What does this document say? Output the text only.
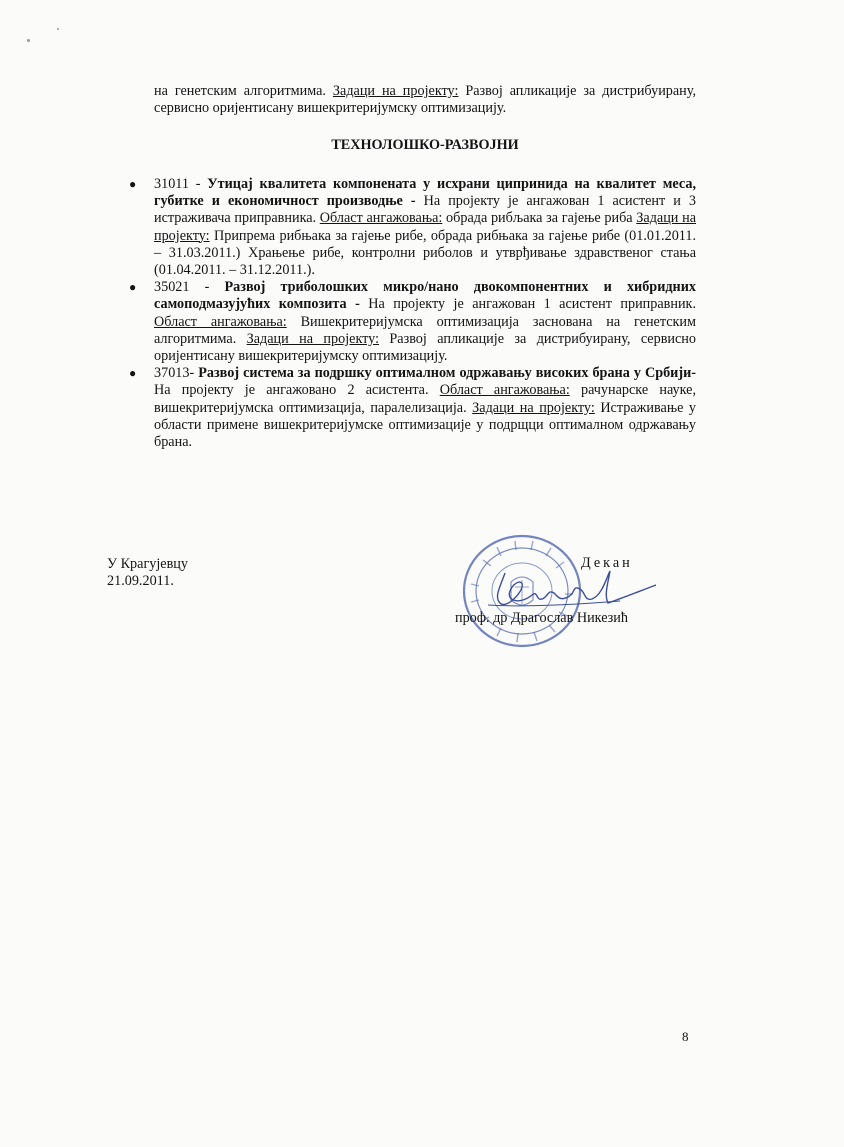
на генетским алгоритмима. Задаци на пројекту: Развој апликације за дистрибуирану, сервисно оријентисану вишекритеријумску оптимизацију.
ТЕХНОЛОШКО-РАЗВОЈНИ
● 31011 - Утицај квалитета компонената у исхрани ципринида на квалитет меса, губитке и економичност производње - На пројекту је ангажован 1 асистент и 3 истраживача приправника. Област ангажовања: обрада рибљака за гајење риба Задаци на пројекту: Припрема рибњака за гајење рибе, обрада рибњака за гајење рибе (01.01.2011. – 31.03.2011.) Храњење рибе, контролни риболов и утврђивање здравственог стања (01.04.2011. – 31.12.2011.).
● 35021 - Развој триболошких микро/нано двокомпонентних и хибридних самоподмазујућих композита - На пројекту је ангажован 1 асистент приправник. Област ангажовања: Вишекритеријумска оптимизација заснована на генетским алгоритмима. Задаци на пројекту: Развој апликације за дистрибуирану, сервисно оријентисану вишекритеријумску оптимизацију.
● 37013- Развој система за подршку оптималном одржавању високих брана у Србији- На пројекту је ангажовано 2 асистента. Област ангажовања: рачунарске науке, вишекритеријумска оптимизација, паралелизација. Задаци на пројекту: Истраживање у области примене вишекритеријумске оптимизације у подрщци оптималном одржавању брана.
У Крагујевцу
21.09.2011.
Декан
проф. др Драгослав Никезић
8
